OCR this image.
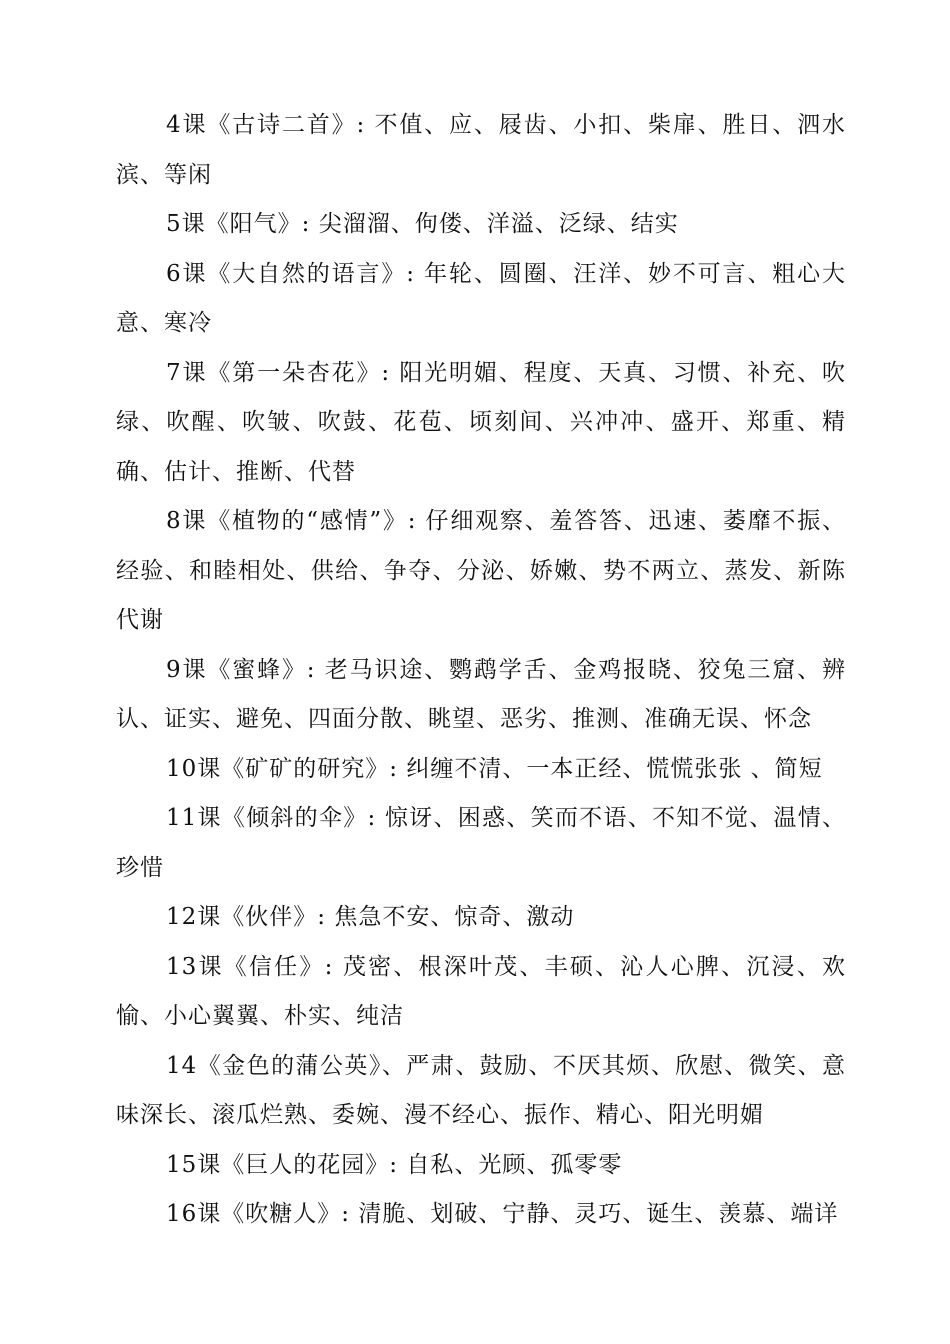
4课《古诗二首》: 不值、应、屐齿、小扣、柴扉、胜日、泗水滨、等闲

5课《阳气》: 尖溜溜、佝偻、洋溢、泛绿、结实

6课《大自然的语言》: 年轮、圆圈、汪洋、妙不可言、粗心大意、寒冷

7课《第一朵杏花》: 阳光明媚、程度、天真、习惯、补充、吹绿、吹醒、吹皱、吹鼓、花苞、顷刻间、兴冲冲、盛开、郑重、精确、估计、推断、代替

8课《植物的“感情”》: 仔细观察、羞答答、迅速、萎靡不振、经验、和睦相处、供给、争夺、分泌、娇嫩、势不两立、蒸发、新陈代谢

9课《蜜蜂》: 老马识途、鹦鹉学舌、金鸡报晓、狡兔三窟、辨认、证实、避免、四面分散、眺望、恶劣、推测、准确无误、怀念

10课《矿矿的研究》: 纠缠不清、一本正经、慌慌张张 、简短

11课《倾斜的伞》: 惊讶、困惑、笑而不语、不知不觉、温情、珍惜

12课《伙伴》: 焦急不安、惊奇、激动

13课《信任》: 茂密、根深叶茂、丰硕、沁人心脾、沉浸、欢愉、小心翼翼、朴实、纯洁

14《金色的蒲公英》、严肃、鼓励、不厌其烦、欣慰、微笑、意味深长、滚瓜烂熟、委婉、漫不经心、振作、精心、阳光明媚

15课《巨人的花园》: 自私、光顾、孤零零

16课《吹糖人》: 清脆、划破、宁静、灵巧、诞生、羡慕、端详
